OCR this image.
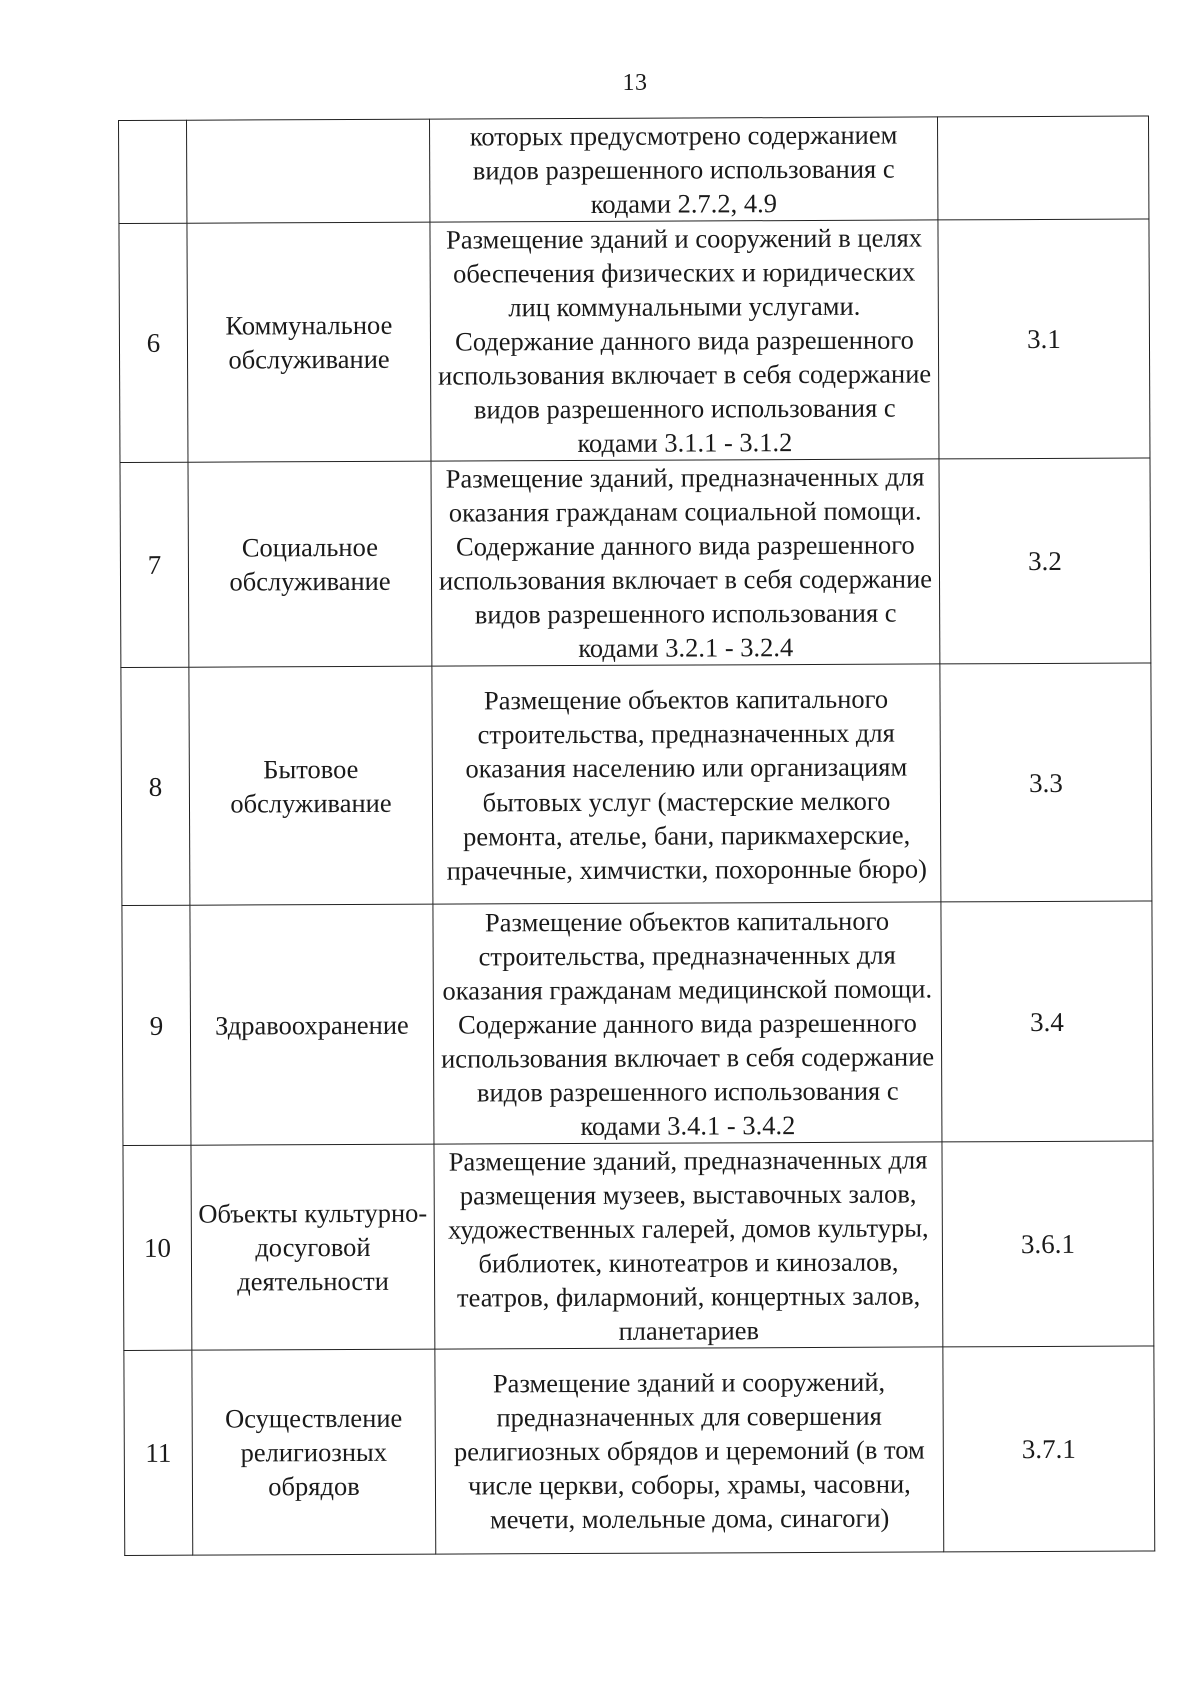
13
		которых предусмотрено содержанием видов разрешенного использования с кодами 2.7.2, 4.9	
6	Коммунальное обслуживание	Размещение зданий и сооружений в целях обеспечения физических и юридических лиц коммунальными услугами. Содержание данного вида разрешенного использования включает в себя содержание видов разрешенного использования с кодами 3.1.1 - 3.1.2	3.1
7	Социальное обслуживание	Размещение зданий, предназначенных для оказания гражданам социальной помощи. Содержание данного вида разрешенного использования включает в себя содержание видов разрешенного использования с кодами 3.2.1 - 3.2.4	3.2
8	Бытовое обслуживание	Размещение объектов капитального строительства, предназначенных для оказания населению или организациям бытовых услуг (мастерские мелкого ремонта, ателье, бани, парикмахерские, прачечные, химчистки, похоронные бюро)	3.3
9	Здравоохранение	Размещение объектов капитального строительства, предназначенных для оказания гражданам медицинской помощи. Содержание данного вида разрешенного использования включает в себя содержание видов разрешенного использования с кодами 3.4.1 - 3.4.2	3.4
10	Объекты культурно-досуговой деятельности	Размещение зданий, предназначенных для размещения музеев, выставочных залов, художественных галерей, домов культуры, библиотек, кинотеатров и кинозалов, театров, филармоний, концертных залов, планетариев	3.6.1
11	Осуществление религиозных обрядов	Размещение зданий и сооружений, предназначенных для совершения религиозных обрядов и церемоний (в том числе церкви, соборы, храмы, часовни, мечети, молельные дома, синагоги)	3.7.1
